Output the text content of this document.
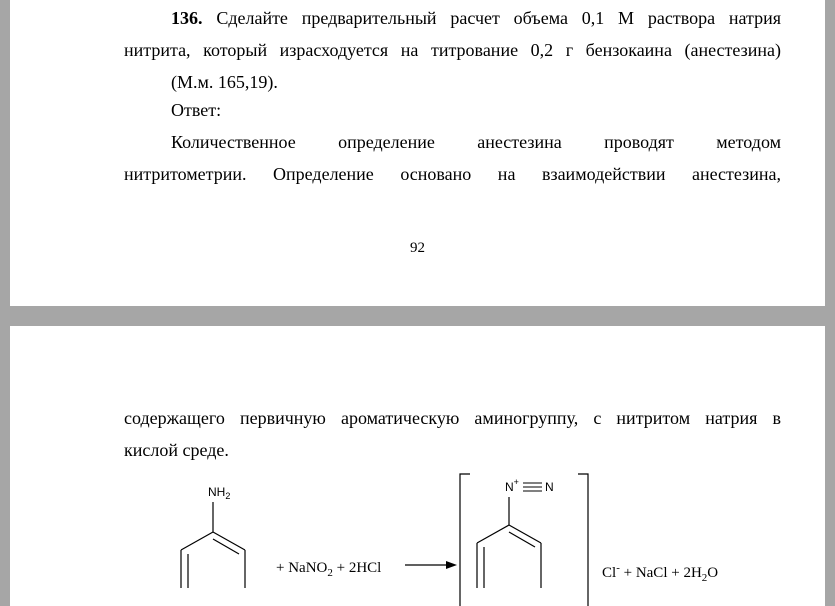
136. Сделайте предварительный расчет объема 0,1 М раствора натрия
нитрита, который израсходуется на титрование 0,2 г бензокаина (анестезина)
(М.м. 165,19).
Ответ:
Количественное определение анестезина проводят методом
нитритометрии. Определение основано на взаимодействии анестезина,
92
содержащего первичную ароматическую аминогруппу, с нитритом натрия в
кислой среде.
$NH_2$
+ NaNO$_2$ + 2HCl
N+ N
Cl- + NaCl + $2H_2O$
